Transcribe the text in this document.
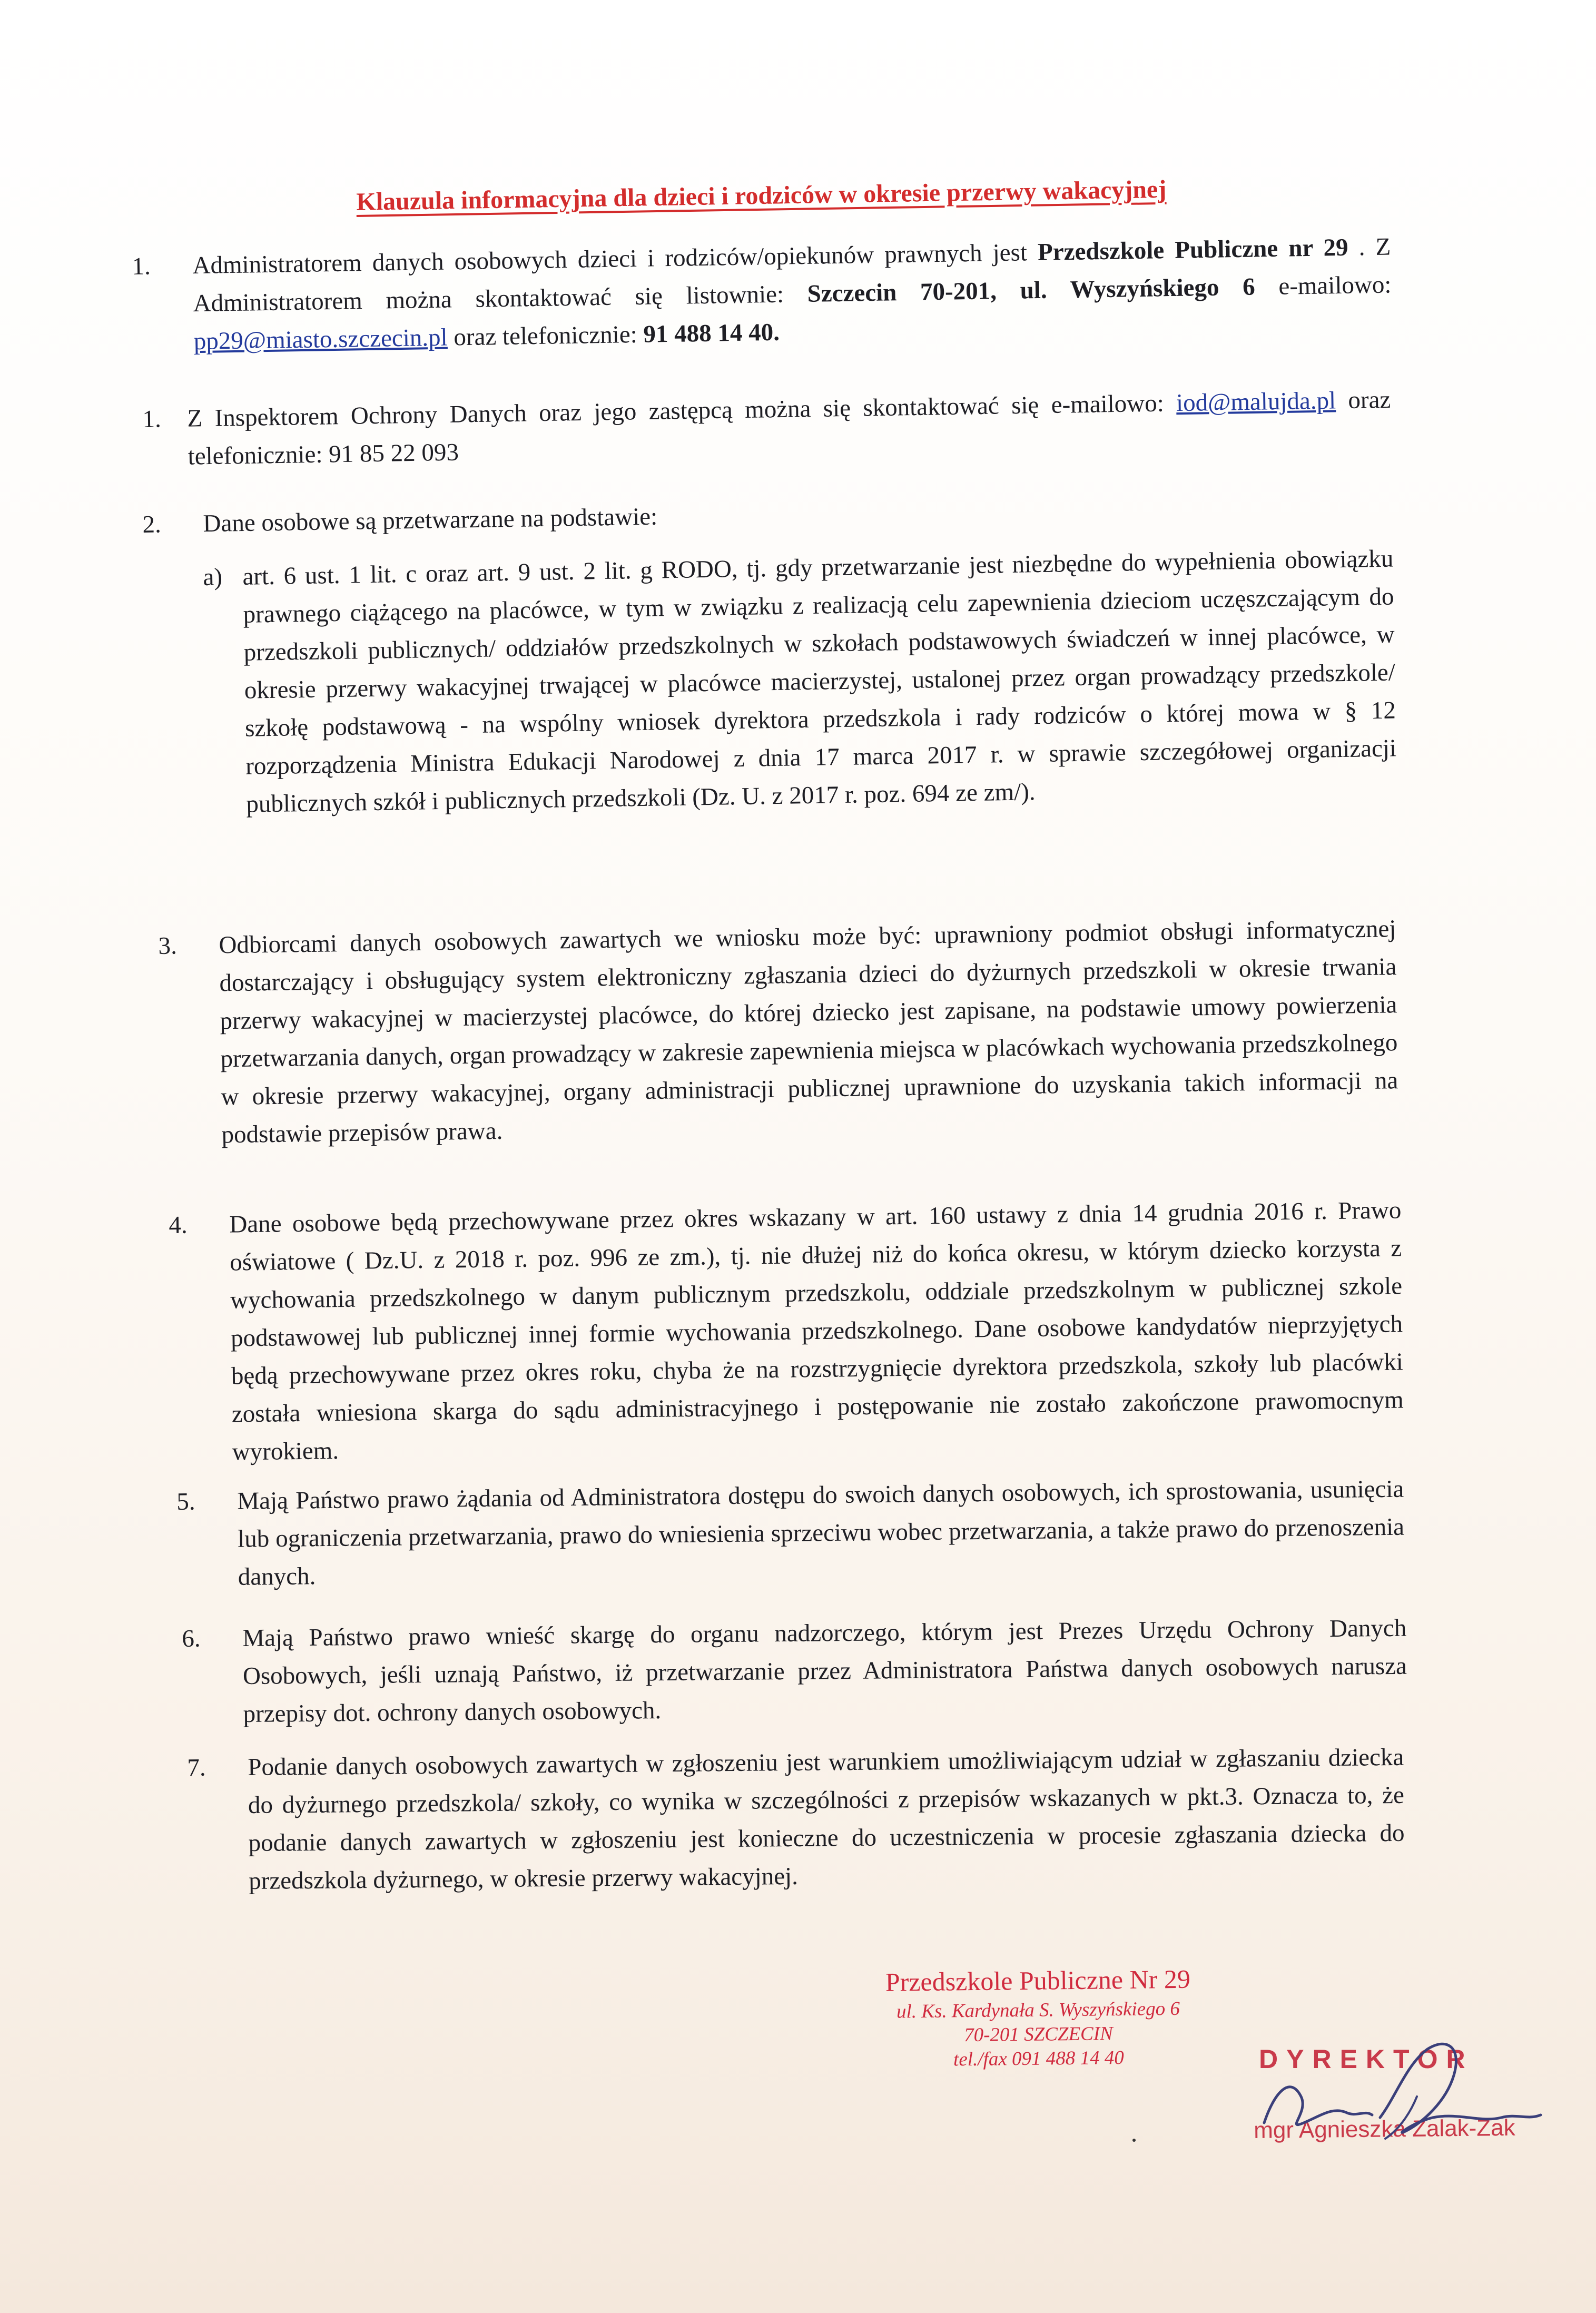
Klauzula informacyjna dla dzieci i rodziców w okresie przerwy wakacyjnej
1.	Administratorem danych osobowych dzieci i rodziców/opiekunów prawnych jest Przedszkole Publiczne nr 29 . Z Administratorem można skontaktować się listownie: Szczecin 70-201, ul. Wyszyńskiego 6 e-mailowo: pp29@miasto.szczecin.pl oraz telefonicznie: 91 488 14 40.
1.	Z Inspektorem Ochrony Danych oraz jego zastępcą można się skontaktować się e-mailowo: iod@malujda.pl oraz telefonicznie: 91 85 22 093
2.	Dane osobowe są przetwarzane na podstawie:
a) art. 6 ust. 1 lit. c oraz art. 9 ust. 2 lit. g RODO, tj. gdy przetwarzanie jest niezbędne do wypełnienia obowiązku prawnego ciążącego na placówce, w tym w związku z realizacją celu zapewnienia dzieciom uczęszczającym do przedszkoli publicznych/ oddziałów przedszkolnych w szkołach podstawowych świadczeń w innej placówce, w okresie przerwy wakacyjnej trwającej w placówce macierzystej, ustalonej przez organ prowadzący przedszkole/ szkołę podstawową - na wspólny wniosek dyrektora przedszkola i rady rodziców o której mowa w § 12 rozporządzenia Ministra Edukacji Narodowej z dnia 17 marca 2017 r. w sprawie szczegółowej organizacji publicznych szkół i publicznych przedszkoli (Dz. U. z 2017 r. poz. 694 ze zm/).
3.	Odbiorcami danych osobowych zawartych we wniosku może być: uprawniony podmiot obsługi informatycznej dostarczający i obsługujący system elektroniczny zgłaszania dzieci do dyżurnych przedszkoli w okresie trwania przerwy wakacyjnej w macierzystej placówce, do której dziecko jest zapisane, na podstawie umowy powierzenia przetwarzania danych, organ prowadzący w zakresie zapewnienia miejsca w placówkach wychowania przedszkolnego w okresie przerwy wakacyjnej, organy administracji publicznej uprawnione do uzyskania takich informacji na podstawie przepisów prawa.
4.	Dane osobowe będą przechowywane przez okres wskazany w art. 160 ustawy z dnia 14 grudnia 2016 r. Prawo oświatowe ( Dz.U. z 2018 r. poz. 996 ze zm.), tj. nie dłużej niż do końca okresu, w którym dziecko korzysta z wychowania przedszkolnego w danym publicznym przedszkolu, oddziale przedszkolnym w publicznej szkole podstawowej lub publicznej innej formie wychowania przedszkolnego. Dane osobowe kandydatów nieprzyjętych będą przechowywane przez okres roku, chyba że na rozstrzygnięcie dyrektora przedszkola, szkoły lub placówki została wniesiona skarga do sądu administracyjnego i postępowanie nie zostało zakończone prawomocnym wyrokiem.
5.	Mają Państwo prawo żądania od Administratora dostępu do swoich danych osobowych, ich sprostowania, usunięcia lub ograniczenia przetwarzania, prawo do wniesienia sprzeciwu wobec przetwarzania, a także prawo do przenoszenia danych.
6.	Mają Państwo prawo wnieść skargę do organu nadzorczego, którym jest Prezes Urzędu Ochrony Danych Osobowych, jeśli uznają Państwo, iż przetwarzanie przez Administratora Państwa danych osobowych narusza przepisy dot. ochrony danych osobowych.
7.	Podanie danych osobowych zawartych w zgłoszeniu jest warunkiem umożliwiającym udział w zgłaszaniu dziecka do dyżurnego przedszkola/ szkoły, co wynika w szczególności z przepisów wskazanych w pkt.3. Oznacza to, że podanie danych zawartych w zgłoszeniu jest konieczne do uczestniczenia w procesie zgłaszania dziecka do przedszkola dyżurnego, w okresie przerwy wakacyjnej.
Przedszkole Publiczne Nr 29
ul. Ks. Kardynała S. Wyszyńskiego 6
70-201 SZCZECIN
tel./fax 091 488 14 40	DYREKTOR
mgr Agnieszka Zalak-Zak
